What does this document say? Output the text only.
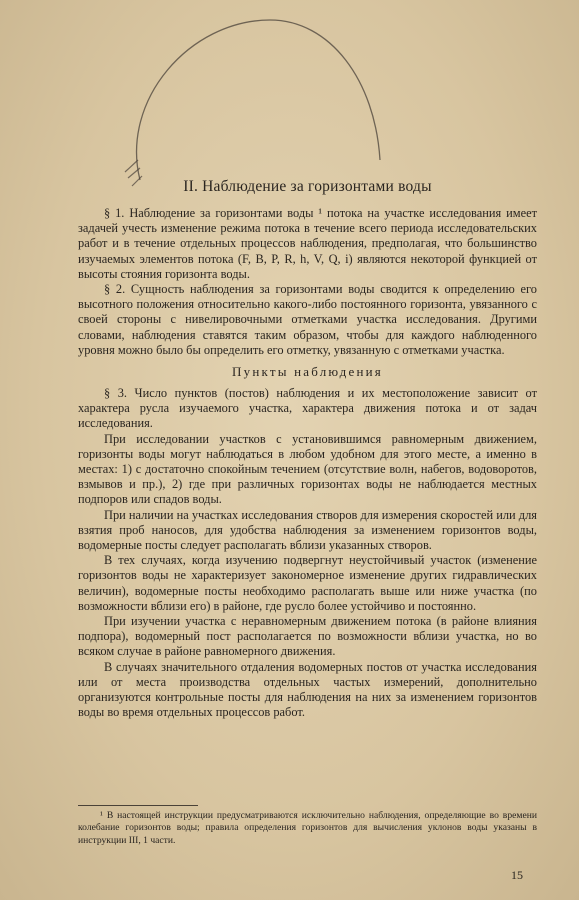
II. Наблюдение за горизонтами воды

§ 1. Наблюдение за горизонтами воды ¹ потока на участке исследования имеет задачей учесть изменение режима потока в течение всего периода исследовательских работ и в течение отдельных процессов наблюдения, предполагая, что большинство изучаемых элементов потока (F, B, P, R, h, V, Q, i) являются некоторой функцией от высоты стояния горизонта воды.

§ 2. Сущность наблюдения за горизонтами воды сводится к определению его высотного положения относительно какого-либо постоянного горизонта, увязанного с своей стороны с нивелировочными отметками участка исследования. Другими словами, наблюдения ставятся таким образом, чтобы для каждого наблюденного уровня можно было бы определить его отметку, увязанную с отметками участка.

Пункты наблюдения

§ 3. Число пунктов (постов) наблюдения и их местоположение зависит от характера русла изучаемого участка, характера движения потока и от задач исследования.

При исследовании участков с установившимся равномерным движением, горизонты воды могут наблюдаться в любом удобном для этого месте, а именно в местах: 1) с достаточно спокойным течением (отсутствие волн, набегов, водоворотов, взмывов и пр.), 2) где при различных горизонтах воды не наблюдается местных подпоров или спадов воды.

При наличии на участках исследования створов для измерения скоростей или для взятия проб наносов, для удобства наблюдения за изменением горизонтов воды, водомерные посты следует располагать вблизи указанных створов.

В тех случаях, когда изучению подвергнут неустойчивый участок (изменение горизонтов воды не характеризует закономерное изменение других гидравлических величин), водомерные посты необходимо располагать выше или ниже участка (по возможности вблизи его) в районе, где русло более устойчиво и постоянно.

При изучении участка с неравномерным движением потока (в районе влияния подпора), водомерный пост располагается по возможности вблизи участка, но во всяком случае в районе равномерного движения.

В случаях значительного отдаления водомерных постов от участка исследования или от места производства отдельных частых измерений, дополнительно организуются контрольные посты для наблюдения на них за изменением горизонтов воды во время отдельных процессов работ.

¹ В настоящей инструкции предусматриваются исключительно наблюдения, определяющие во времени колебание горизонтов воды; правила определения горизонтов для вычисления уклонов воды указаны в инструкции III, 1 части.
15
